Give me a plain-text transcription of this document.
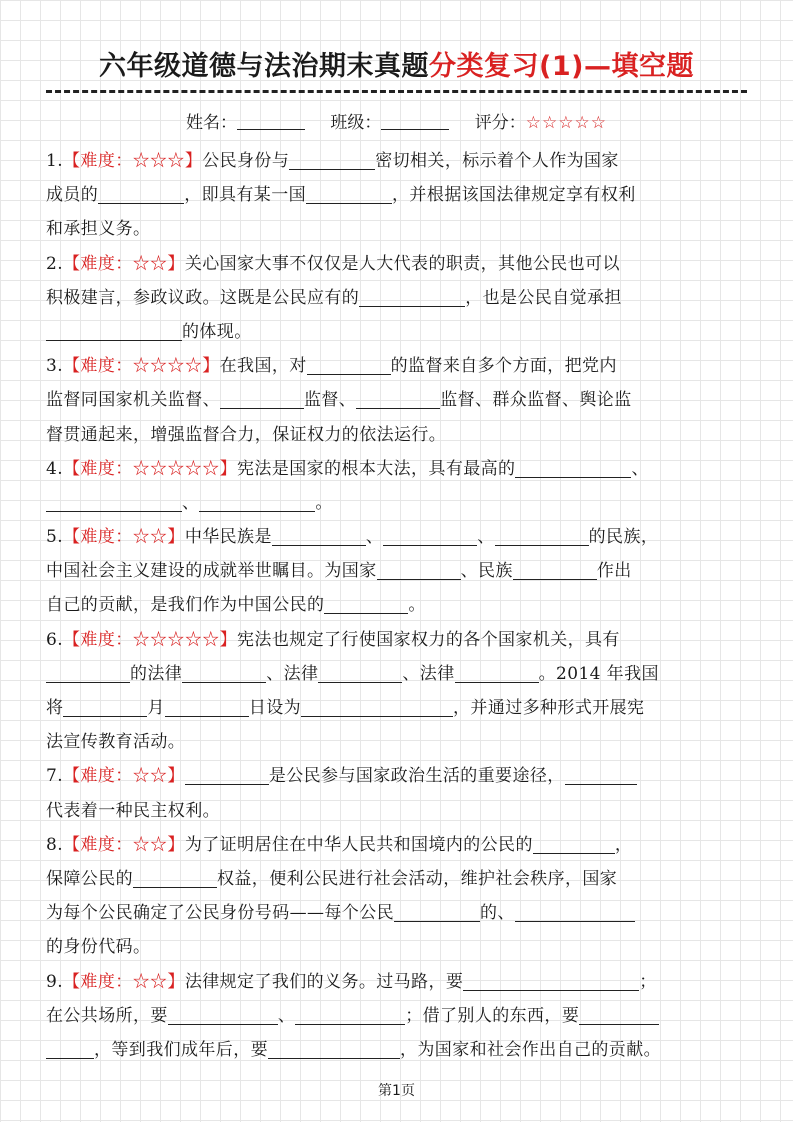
六年级道德与法治期末真题分类复习(1)—填空题
姓名：	班级：	评分：☆☆☆☆☆
1.【难度：☆☆☆】公民身份与	密切相关，标示着个人作为国家
成员的	，即具有某一国	，并根据该国法律规定享有权利
和承担义务。
2.【难度：☆☆】关心国家大事不仅仅是人大代表的职责，其他公民也可以
积极建言，参政议政。这既是公民应有的	，也是公民自觉承担
的体现。
3.【难度：☆☆☆☆】在我国，对	的监督来自多个方面，把党内
监督同国家机关监督、	监督、	监督、群众监督、舆论监
督贯通起来，增强监督合力，保证权力的依法运行。
4.【难度：☆☆☆☆☆】宪法是国家的根本大法，具有最高的	、
、	。
5.【难度：☆☆】中华民族是	、	、	的民族，
中国社会主义建设的成就举世瞩目。为国家	、民族	作出
自己的贡献，是我们作为中国公民的	。
6.【难度：☆☆☆☆☆】宪法也规定了行使国家权力的各个国家机关，具有
的法律	、法律	、法律	。2014 年我国
将	月	日设为	，并通过多种形式开展宪
法宣传教育活动。
7.【难度：☆☆】	是公民参与国家政治生活的重要途径，
代表着一种民主权利。
8.【难度：☆☆】为了证明居住在中华人民共和国境内的公民的	，
保障公民的	权益，便利公民进行社会活动，维护社会秩序，国家
为每个公民确定了公民身份号码——每个公民	的、
的身份代码。
9.【难度：☆☆】法律规定了我们的义务。过马路，要	；
在公共场所，要	、	；借了别人的东西，要
，等到我们成年后，要	，为国家和社会作出自己的贡献。
第1页
